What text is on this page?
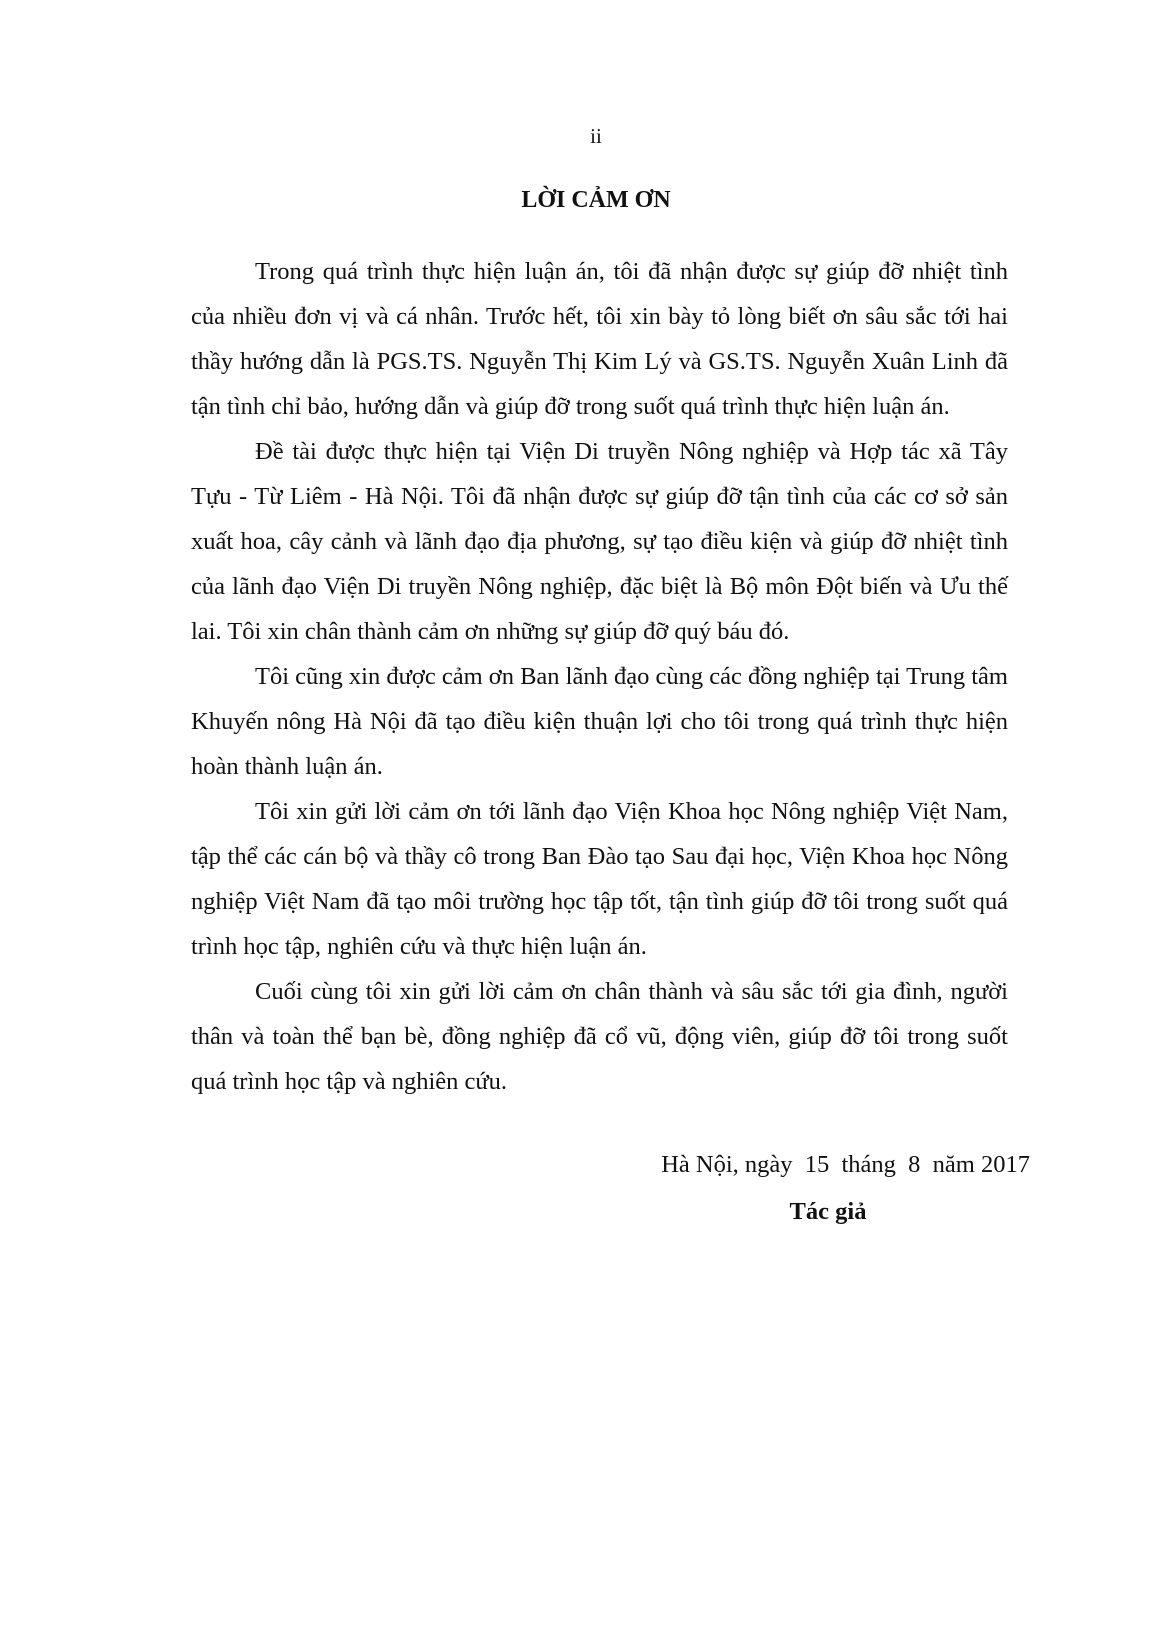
ii
LỜI CẢM ƠN

Trong quá trình thực hiện luận án, tôi đã nhận được sự giúp đỡ nhiệt tình của nhiều đơn vị và cá nhân. Trước hết, tôi xin bày tỏ lòng biết ơn sâu sắc tới hai thầy hướng dẫn là PGS.TS. Nguyễn Thị Kim Lý và GS.TS. Nguyễn Xuân Linh đã tận tình chỉ bảo, hướng dẫn và giúp đỡ trong suốt quá trình thực hiện luận án.

Đề tài được thực hiện tại Viện Di truyền Nông nghiệp và Hợp tác xã Tây Tựu - Từ Liêm - Hà Nội. Tôi đã nhận được sự giúp đỡ tận tình của các cơ sở sản xuất hoa, cây cảnh và lãnh đạo địa phương, sự tạo điều kiện và giúp đỡ nhiệt tình của lãnh đạo Viện Di truyền Nông nghiệp, đặc biệt là Bộ môn Đột biến và Ưu thế lai. Tôi xin chân thành cảm ơn những sự giúp đỡ quý báu đó.

Tôi cũng xin được cảm ơn Ban lãnh đạo cùng các đồng nghiệp tại Trung tâm Khuyến nông Hà Nội đã tạo điều kiện thuận lợi cho tôi trong quá trình thực hiện hoàn thành luận án.

Tôi xin gửi lời cảm ơn tới lãnh đạo Viện Khoa học Nông nghiệp Việt Nam, tập thể các cán bộ và thầy cô trong Ban Đào tạo Sau đại học, Viện Khoa học Nông nghiệp Việt Nam đã tạo môi trường học tập tốt, tận tình giúp đỡ tôi trong suốt quá trình học tập, nghiên cứu và thực hiện luận án.

Cuối cùng tôi xin gửi lời cảm ơn chân thành và sâu sắc tới gia đình, người thân và toàn thể bạn bè, đồng nghiệp đã cổ vũ, động viên, giúp đỡ tôi trong suốt quá trình học tập và nghiên cứu.

Hà Nội, ngày  15  tháng  8  năm 2017
Tác giả
